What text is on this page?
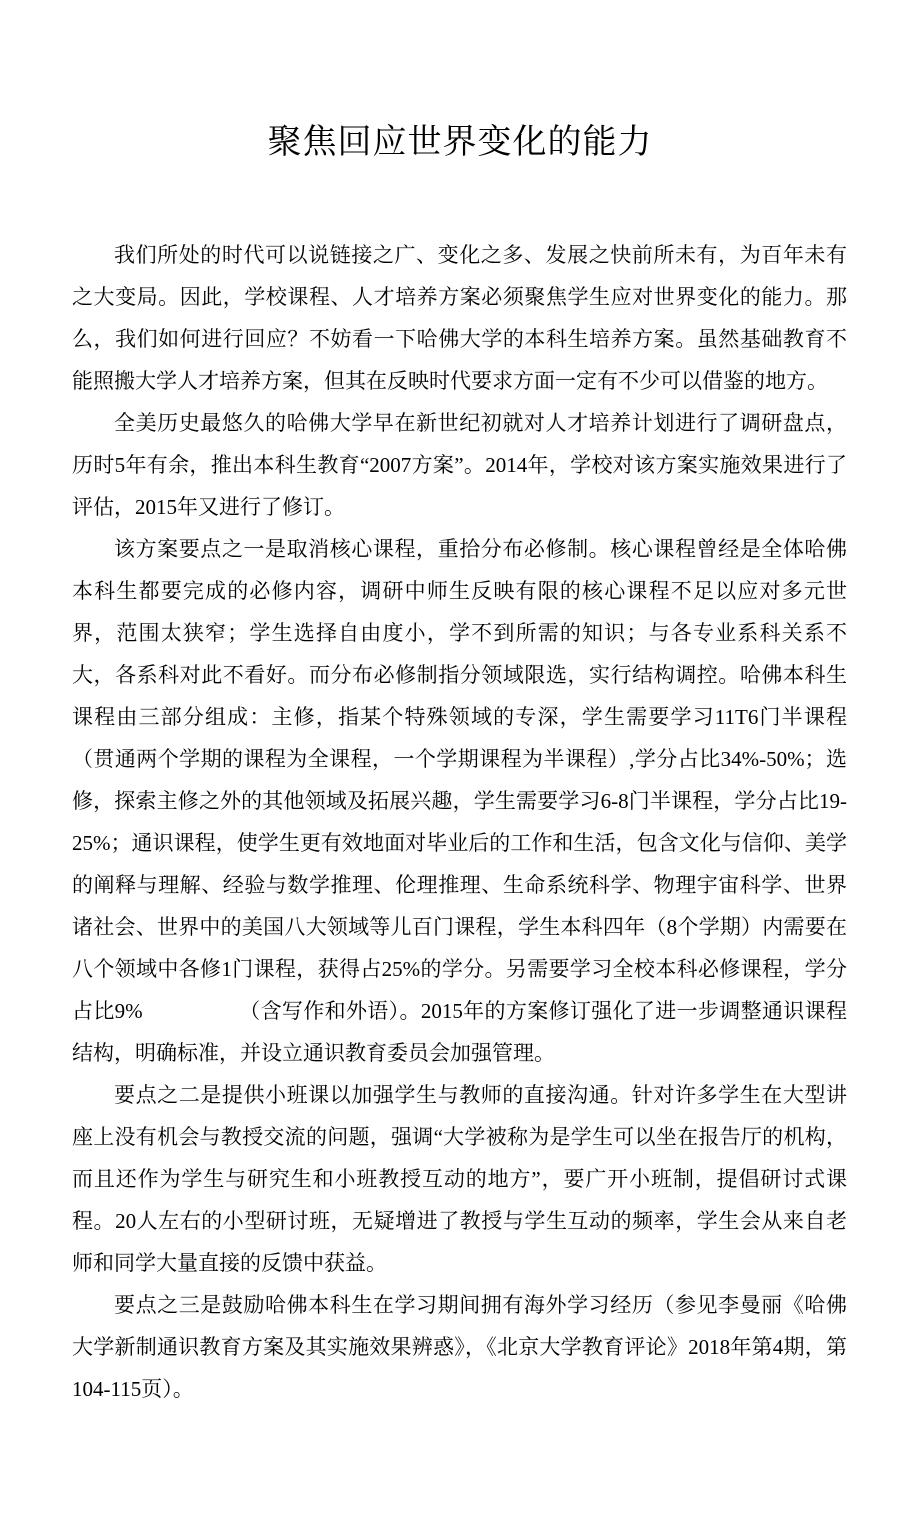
聚焦回应世界变化的能力

我们所处的时代可以说链接之广、变化之多、发展之快前所未有，为百年未有之大变局。因此，学校课程、人才培养方案必须聚焦学生应对世界变化的能力。那么，我们如何进行回应？不妨看一下哈佛大学的本科生培养方案。虽然基础教育不能照搬大学人才培养方案，但其在反映时代要求方面一定有不少可以借鉴的地方。

全美历史最悠久的哈佛大学早在新世纪初就对人才培养计划进行了调研盘点，历时5年有余，推出本科生教育“2007方案”。2014年，学校对该方案实施效果进行了评估，2015年又进行了修订。

该方案要点之一是取消核心课程，重拾分布必修制。核心课程曾经是全体哈佛本科生都要完成的必修内容，调研中师生反映有限的核心课程不足以应对多元世界，范围太狭窄；学生选择自由度小，学不到所需的知识；与各专业系科关系不大，各系科对此不看好。而分布必修制指分领域限选，实行结构调控。哈佛本科生课程由三部分组成：主修，指某个特殊领域的专深，学生需要学习11T6门半课程（贯通两个学期的课程为全课程，一个学期课程为半课程）,学分占比34%-50%；选修，探索主修之外的其他领域及拓展兴趣，学生需要学习6-8门半课程，学分占比19-25%；通识课程，使学生更有效地面对毕业后的工作和生活，包含文化与信仰、美学的阐释与理解、经验与数学推理、伦理推理、生命系统科学、物理宇宙科学、世界诸社会、世界中的美国八大领域等儿百门课程，学生本科四年（8个学期）内需要在八个领域中各修1门课程，获得占25%的学分。另需要学习全校本科必修课程，学分占比9%　　　　　（含写作和外语）。2015年的方案修订强化了进一步调整通识课程结构，明确标准，并设立通识教育委员会加强管理。

要点之二是提供小班课以加强学生与教师的直接沟通。针对许多学生在大型讲座上没有机会与教授交流的问题，强调“大学被称为是学生可以坐在报告厅的机构，而且还作为学生与研究生和小班教授互动的地方”，要广开小班制，提倡研讨式课程。20人左右的小型研讨班，无疑增进了教授与学生互动的频率，学生会从来自老师和同学大量直接的反馈中获益。

要点之三是鼓励哈佛本科生在学习期间拥有海外学习经历（参见李曼丽《哈佛大学新制通识教育方案及其实施效果辨惑》，《北京大学教育评论》2018年第4期，第104-115页）。
